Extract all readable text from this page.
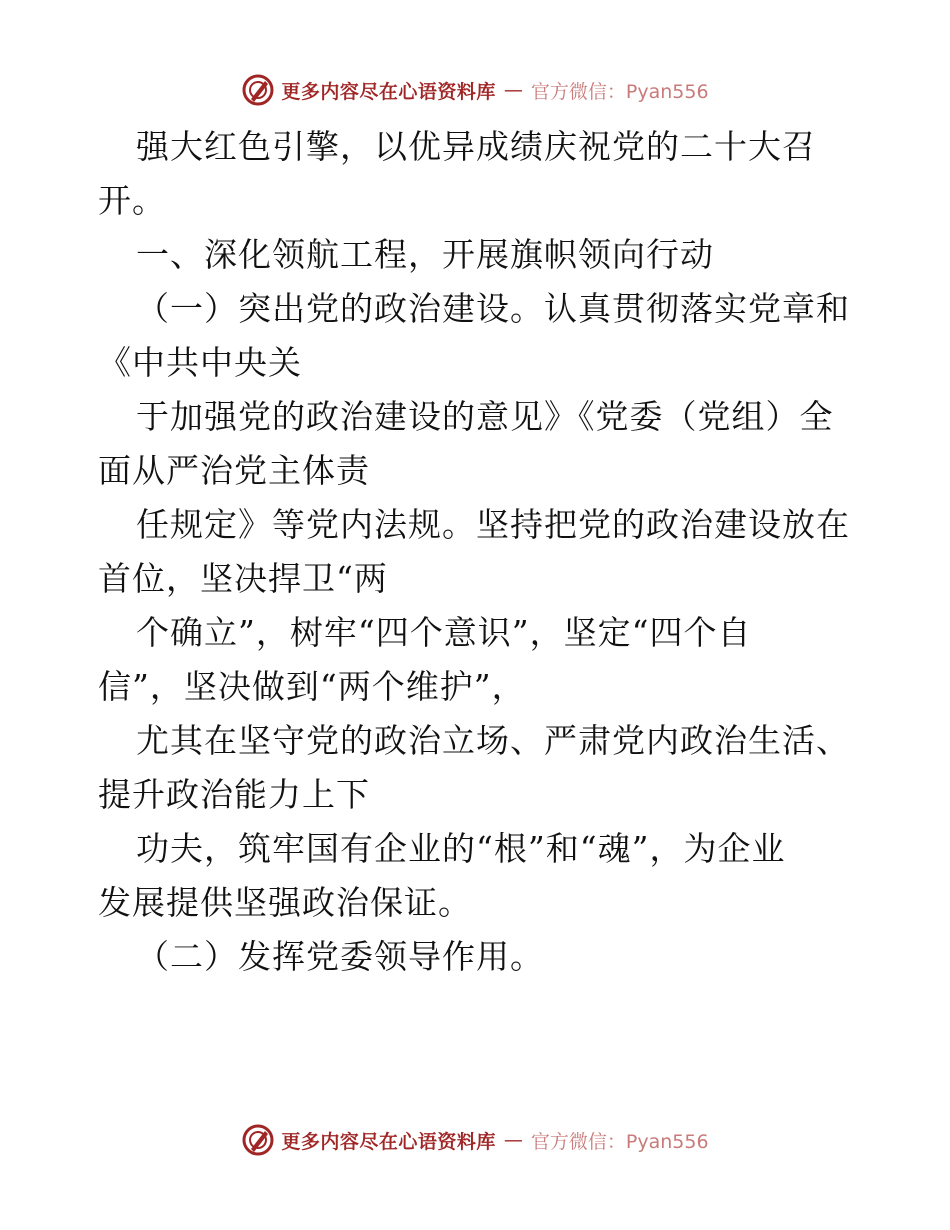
更多内容尽在心语资料库 — 官方微信：Pyan556
强大红色引擎，以优异成绩庆祝党的二十大召
开。
一、深化领航工程，开展旗帜领向行动
（一）突出党的政治建设。认真贯彻落实党章和
《中共中央关
于加强党的政治建设的意见》《党委（党组）全
面从严治党主体责
任规定》等党内法规。坚持把党的政治建设放在
首位，坚决捍卫“两
个确立”，树牢“四个意识”，坚定“四个自
信”，坚决做到“两个维护”，
尤其在坚守党的政治立场、严肃党内政治生活、
提升政治能力上下
功夫，筑牢国有企业的“根”和“魂”，为企业
发展提供坚强政治保证。
（二）发挥党委领导作用。
更多内容尽在心语资料库 — 官方微信：Pyan556
